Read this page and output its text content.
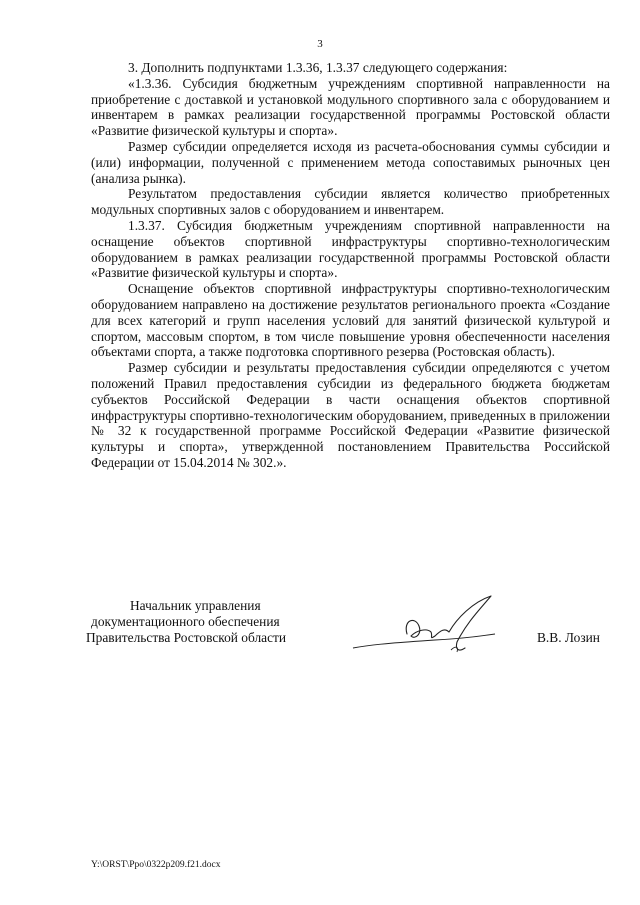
3

3. Дополнить подпунктами 1.3.36, 1.3.37 следующего содержания:

«1.3.36. Субсидия бюджетным учреждениям спортивной направленности на приобретение с доставкой и установкой модульного спортивного зала с оборудованием и инвентарем в рамках реализации государственной программы Ростовской области «Развитие физической культуры и спорта».

Размер субсидии определяется исходя из расчета-обоснования суммы субсидии и (или) информации, полученной с применением метода сопоставимых рыночных цен (анализа рынка).

Результатом предоставления субсидии является количество приобретенных модульных спортивных залов с оборудованием и инвентарем.

1.3.37. Субсидия бюджетным учреждениям спортивной направленности на оснащение объектов спортивной инфраструктуры спортивно-технологическим оборудованием в рамках реализации государственной программы Ростовской области «Развитие физической культуры и спорта».

Оснащение объектов спортивной инфраструктуры спортивно-технологическим оборудованием направлено на достижение результатов регионального проекта «Создание для всех категорий и групп населения условий для занятий физической культурой и спортом, массовым спортом, в том числе повышение уровня обеспеченности населения объектами спорта, а также подготовка спортивного резерва (Ростовская область).

Размер субсидии и результаты предоставления субсидии определяются с учетом положений Правил предоставления субсидии из федерального бюджета бюджетам субъектов Российской Федерации в части оснащения объектов спортивной инфраструктуры спортивно-технологическим оборудованием, приведенных в приложении № 32 к государственной программе Российской Федерации «Развитие физической культуры и спорта», утвержденной постановлением Правительства Российской Федерации от 15.04.2014 № 302.».

Начальник управления
документационного обеспечения
Правительства Ростовской области	В.В. Лозин
Y:\ORST\Ppo\0322p209.f21.docx
